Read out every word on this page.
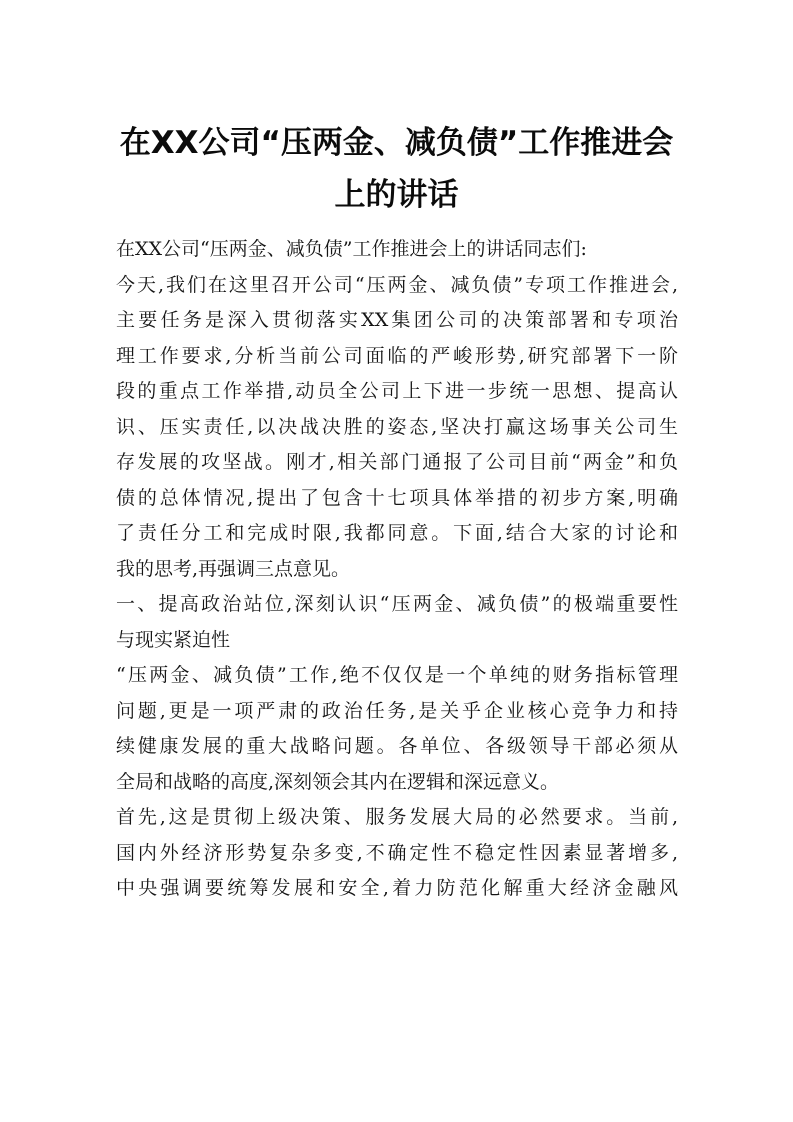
在XX公司“压两金、减负债”工作推进会
上的讲话
在XX公司“压两金、减负债”工作推进会上的讲话同志们:
今天,我们在这里召开公司“压两金、减负债”专项工作推进会,
主要任务是深入贯彻落实XX集团公司的决策部署和专项治
理工作要求,分析当前公司面临的严峻形势,研究部署下一阶
段的重点工作举措,动员全公司上下进一步统一思想、提高认
识、压实责任,以决战决胜的姿态,坚决打赢这场事关公司生
存发展的攻坚战。刚才,相关部门通报了公司目前“两金”和负
债的总体情况,提出了包含十七项具体举措的初步方案,明确
了责任分工和完成时限,我都同意。下面,结合大家的讨论和
我的思考,再强调三点意见。
一、提高政治站位,深刻认识“压两金、减负债”的极端重要性
与现实紧迫性
“压两金、减负债”工作,绝不仅仅是一个单纯的财务指标管理
问题,更是一项严肃的政治任务,是关乎企业核心竞争力和持
续健康发展的重大战略问题。各单位、各级领导干部必须从
全局和战略的高度,深刻领会其内在逻辑和深远意义。
首先,这是贯彻上级决策、服务发展大局的必然要求。当前,
国内外经济形势复杂多变,不确定性不稳定性因素显著增多,
中央强调要统筹发展和安全,着力防范化解重大经济金融风
